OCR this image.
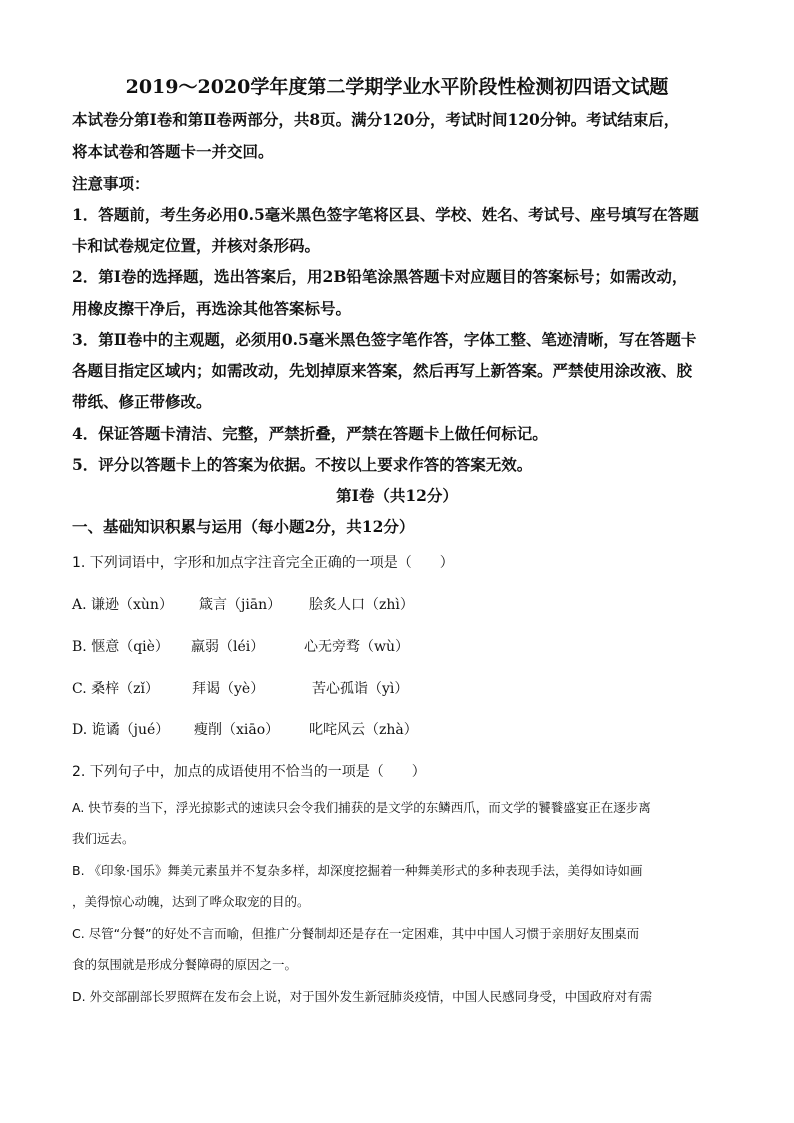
2019～2020学年度第二学期学业水平阶段性检测初四语文试题
本试卷分第Ⅰ卷和第Ⅱ卷两部分，共8页。满分120分，考试时间120分钟。考试结束后，
将本试卷和答题卡一并交回。
注意事项：
1．答题前，考生务必用0.5毫米黑色签字笔将区县、学校、姓名、考试号、座号填写在答题
卡和试卷规定位置，并核对条形码。
2．第Ⅰ卷的选择题，选出答案后，用2B铅笔涂黑答题卡对应题目的答案标号；如需改动，
用橡皮擦干净后，再选涂其他答案标号。
3．第Ⅱ卷中的主观题，必须用0.5毫米黑色签字笔作答，字体工整、笔迹清晰，写在答题卡
各题目指定区域内；如需改动，先划掉原来答案，然后再写上新答案。严禁使用涂改液、胶
带纸、修正带修改。
4．保证答题卡清洁、完整，严禁折叠，严禁在答题卡上做任何标记。
5．评分以答题卡上的答案为依据。不按以上要求作答的答案无效。
第Ⅰ卷（共12分）
一、基础知识积累与运用（每小题2分，共12分）
1. 下列词语中，字形和加点字注音完全正确的一项是（　　）
A. 谦逊（xùn） 箴言（jiān） 脍炙人口（zhì）
B. 惬意（qiè） 羸弱（léi）	心无旁骛（wù）
C. 桑梓（zǐ） 拜谒（yè）	苦心孤诣（yì）
D. 诡谲（jué） 瘦削（xiāo） 叱咤风云（zhà）
2. 下列句子中，加点的成语使用不恰当的一项是（　　）
A. 快节奏的当下，浮光掠影式的速读只会令我们捕获的是文学的东鳞西爪，而文学的饕餮盛宴正在逐步离
我们远去。
B. 《印象·国乐》舞美元素虽并不复杂多样，却深度挖掘着一种舞美形式的多种表现手法，美得如诗如画
，美得惊心动魄，达到了哗众取宠的目的。
C. 尽管“分餐”的好处不言而喻，但推广分餐制却还是存在一定困难，其中中国人习惯于亲朋好友围桌而
食的氛围就是形成分餐障碍的原因之一。
D. 外交部副部长罗照辉在发布会上说，对于国外发生新冠肺炎疫情，中国人民感同身受，中国政府对有需
